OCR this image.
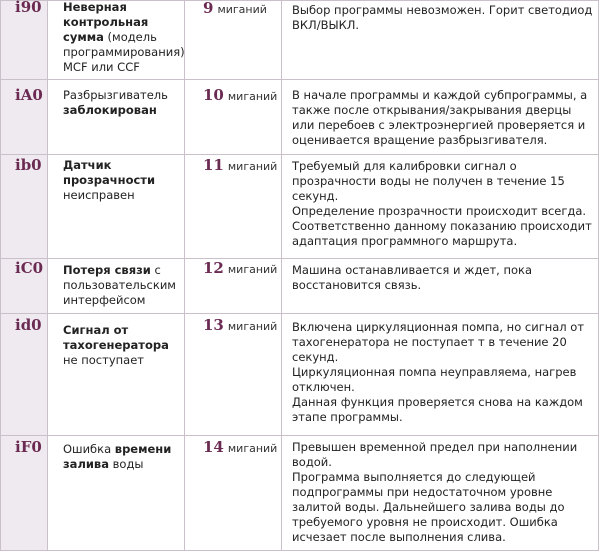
i90	Неверная контрольная сумма (модель программирования) MCF или CCF	9 миганий	Выбор программы невозможен. Горит светодиод ВКЛ/ВЫКЛ.

iA0	Разбрызгиватель заблокирован	10 миганий	В начале программы и каждой субпрограммы, а также после открывания/закрывания дверцы или перебоев с электроэнергией проверяется и оценивается вращение разбрызгивателя.

ib0	Датчик прозрачности неисправен	11 миганий	Требуемый для калибровки сигнал о прозрачности воды не получен в течение 15 секунд.
Определение прозрачности происходит всегда.
Соответственно данному показанию происходит адаптация программного маршрута.

iC0	Потеря связи с пользовательским интерфейсом	12 миганий	Машина останавливается и ждет, пока восстановится связь.

id0	Сигнал от тахогенератора не поступает	13 миганий	Включена циркуляционная помпа, но сигнал от тахогенератора не поступает т в течение 20 секунд.
Циркуляционная помпа неуправляема, нагрев отключен.
Данная функция проверяется снова на каждом этапе программы.

iF0	Ошибка времени залива воды	14 миганий	Превышен временной предел при наполнении водой.
Программа выполняется до следующей подпрограммы при недостаточном уровне залитой воды. Дальнейшего залива воды до требуемого уровня не происходит. Ошибка исчезает после выполнения слива.
